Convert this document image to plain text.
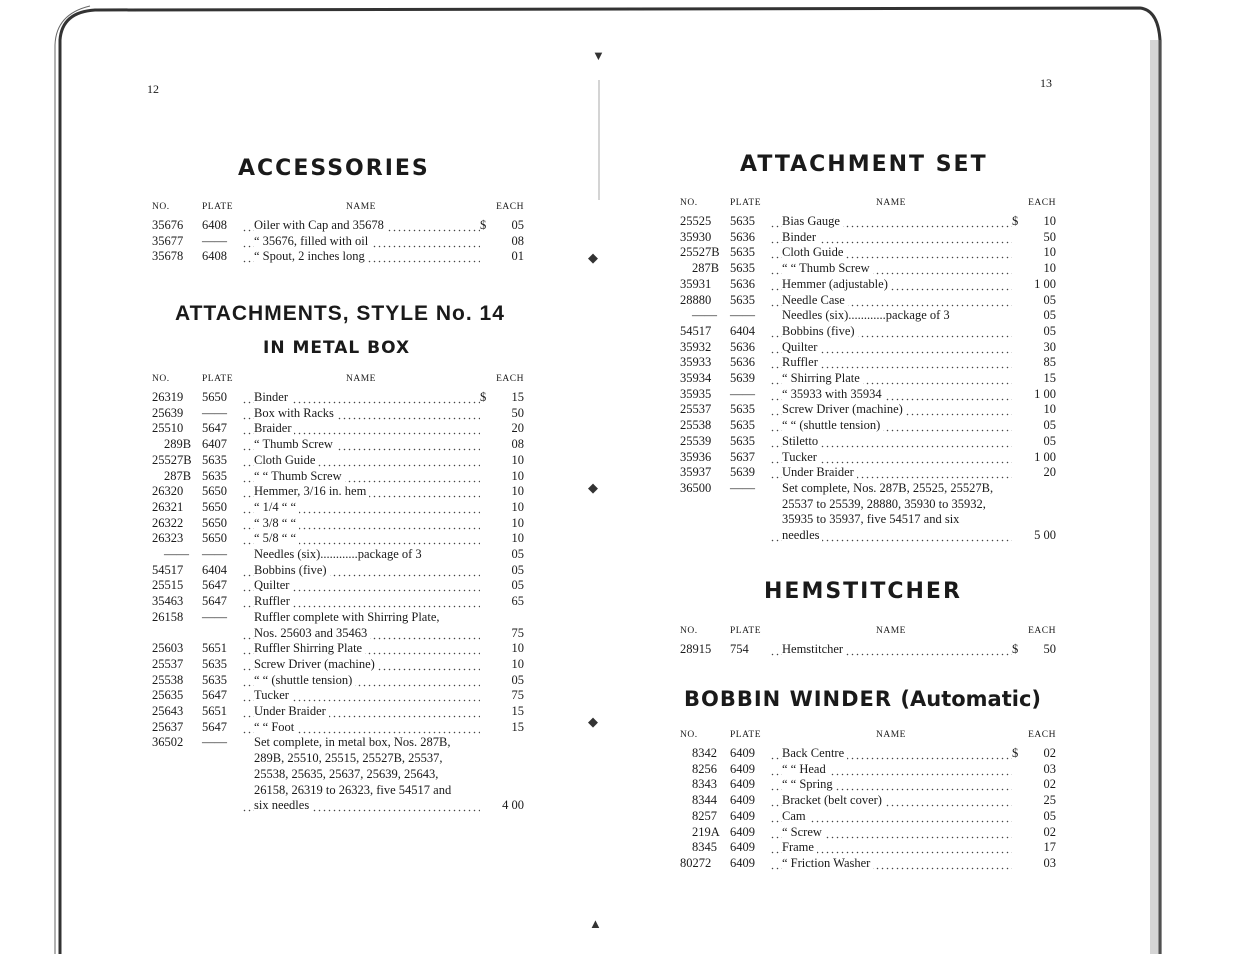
▼
◆
◆
◆
▲
12
ACCESSORIES
NO.	PLATE	NAME		EACH
35676	6408	Oiler with Cap and 35678	$	05
35677	——	“ 35676, filled with oil		08
35678	6408	“ Spout, 2 inches long		01
ATTACHMENTS, STYLE No. 14
IN METAL BOX
NO.	PLATE	NAME		EACH
26319	5650	Binder	$	15
25639	——	Box with Racks		50
25510	5647	Braider		20
289B	6407	“ Thumb Screw		08
25527B	5635	Cloth Guide		10
287B	5635	“ “ Thumb Screw		10
26320	5650	Hemmer, 3/16 in. hem		10
26321	5650	“ 1/4 “ “		10
26322	5650	“ 3/8 “ “		10
26323	5650	“ 5/8 “ “		10
——	——	Needles (six)............package of 3		05
54517	6404	Bobbins (five)		05
25515	5647	Quilter		05
35463	5647	Ruffler		65
26158	——	Ruffler complete with Shirring Plate,		
		Nos. 25603 and 35463		75
25603	5651	Ruffler Shirring Plate		10
25537	5635	Screw Driver (machine)		10
25538	5635	“ “ (shuttle tension)		05
25635	5647	Tucker		75
25643	5651	Under Braider		15
25637	5647	“ “ Foot		15
36502	——	Set complete, in metal box, Nos. 287B,		
		289B, 25510, 25515, 25527B, 25537,		
		25538, 25635, 25637, 25639, 25643,		
		26158, 26319 to 26323, five 54517 and		
		six needles		4 00
13
ATTACHMENT SET
NO.	PLATE	NAME		EACH
25525	5635	Bias Gauge	$	10
35930	5636	Binder		50
25527B	5635	Cloth Guide		10
287B	5635	“ “ Thumb Screw		10
35931	5636	Hemmer (adjustable)		1 00
28880	5635	Needle Case		05
——	——	Needles (six)............package of 3		05
54517	6404	Bobbins (five)		05
35932	5636	Quilter		30
35933	5636	Ruffler		85
35934	5639	“ Shirring Plate		15
35935	——	“ 35933 with 35934		1 00
25537	5635	Screw Driver (machine)		10
25538	5635	“ “ (shuttle tension)		05
25539	5635	Stiletto		05
35936	5637	Tucker		1 00
35937	5639	Under Braider		20
36500	——	Set complete, Nos. 287B, 25525, 25527B,		
		25537 to 25539, 28880, 35930 to 35932,		
		35935 to 35937, five 54517 and six		
		needles		5 00
HEMSTITCHER
NO.	PLATE	NAME		EACH
28915	754	Hemstitcher	$	50
BOBBIN WINDER (Automatic)
NO.	PLATE	NAME		EACH
8342	6409	Back Centre	$	02
8256	6409	“ “ Head		03
8343	6409	“ “ Spring		02
8344	6409	Bracket (belt cover)		25
8257	6409	Cam		05
219A	6409	“ Screw		02
8345	6409	Frame		17
80272	6409	“ Friction Washer		03
